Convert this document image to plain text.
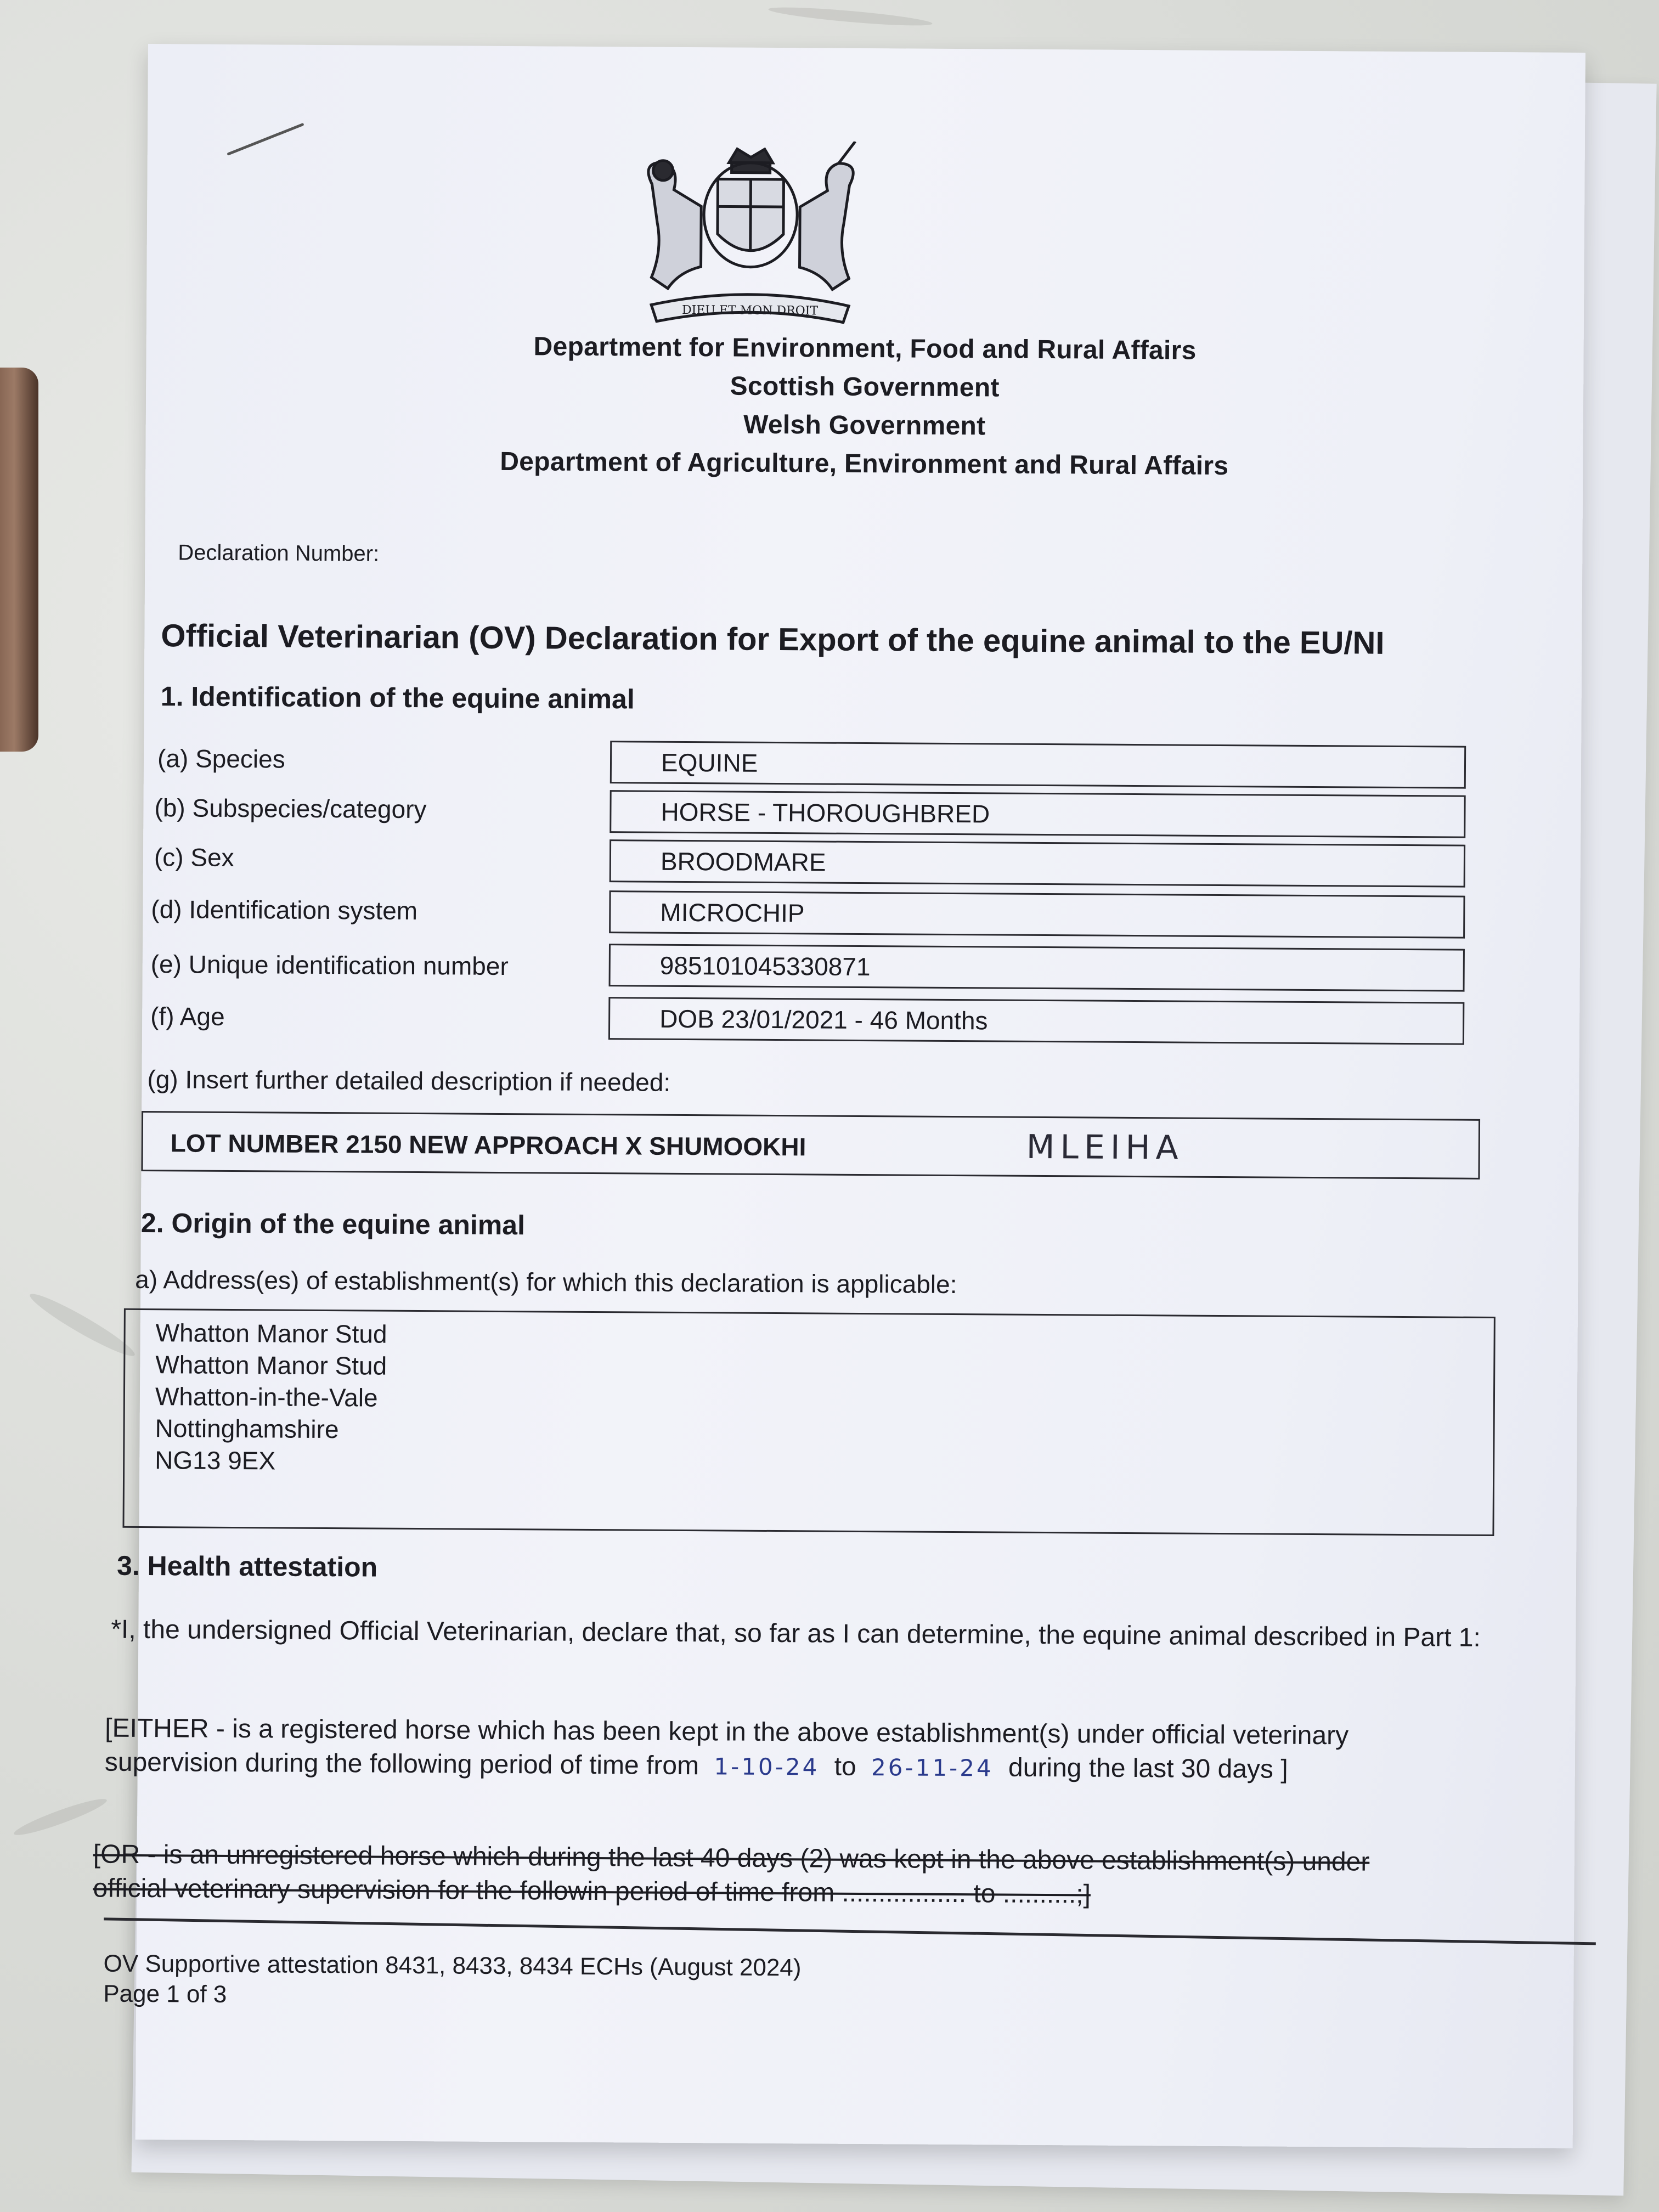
DIEU ET MON DROIT
Department for Environment, Food and Rural Affairs
Scottish Government
Welsh Government
Department of Agriculture, Environment and Rural Affairs
Declaration Number:
Official Veterinarian (OV) Declaration for Export of the equine animal to the EU/NI
1. Identification of the equine animal
(a) Species	EQUINE
(b) Subspecies/category	HORSE - THOROUGHBRED
(c) Sex	BROODMARE
(d) Identification system	MICROCHIP
(e) Unique identification number	985101045330871
(f) Age	DOB 23/01/2021 - 46 Months
(g) Insert further detailed description if needed:
LOT NUMBER 2150 NEW APPROACH X SHUMOOKHI	MLEIHA
2. Origin of the equine animal
a) Address(es) of establishment(s) for which this declaration is applicable:
Whatton Manor Stud
Whatton Manor Stud
Whatton-in-the-Vale
Nottinghamshire
NG13 9EX
3. Health attestation
*I, the undersigned Official Veterinarian, declare that, so far as I can determine, the equine animal described in Part 1:
[EITHER - is a registered horse which has been kept in the above establishment(s) under official veterinary
supervision during the following period of time from 1-10-24 to 26-11-24 during the last 30 days ]
[OR - is an unregistered horse which during the last 40 days (2) was kept in the above establishment(s) under
official veterinary supervision for the followin period of time from ................. to ..........;]
OV Supportive attestation 8431, 8433, 8434 ECHs (August 2024)
Page 1 of 3
